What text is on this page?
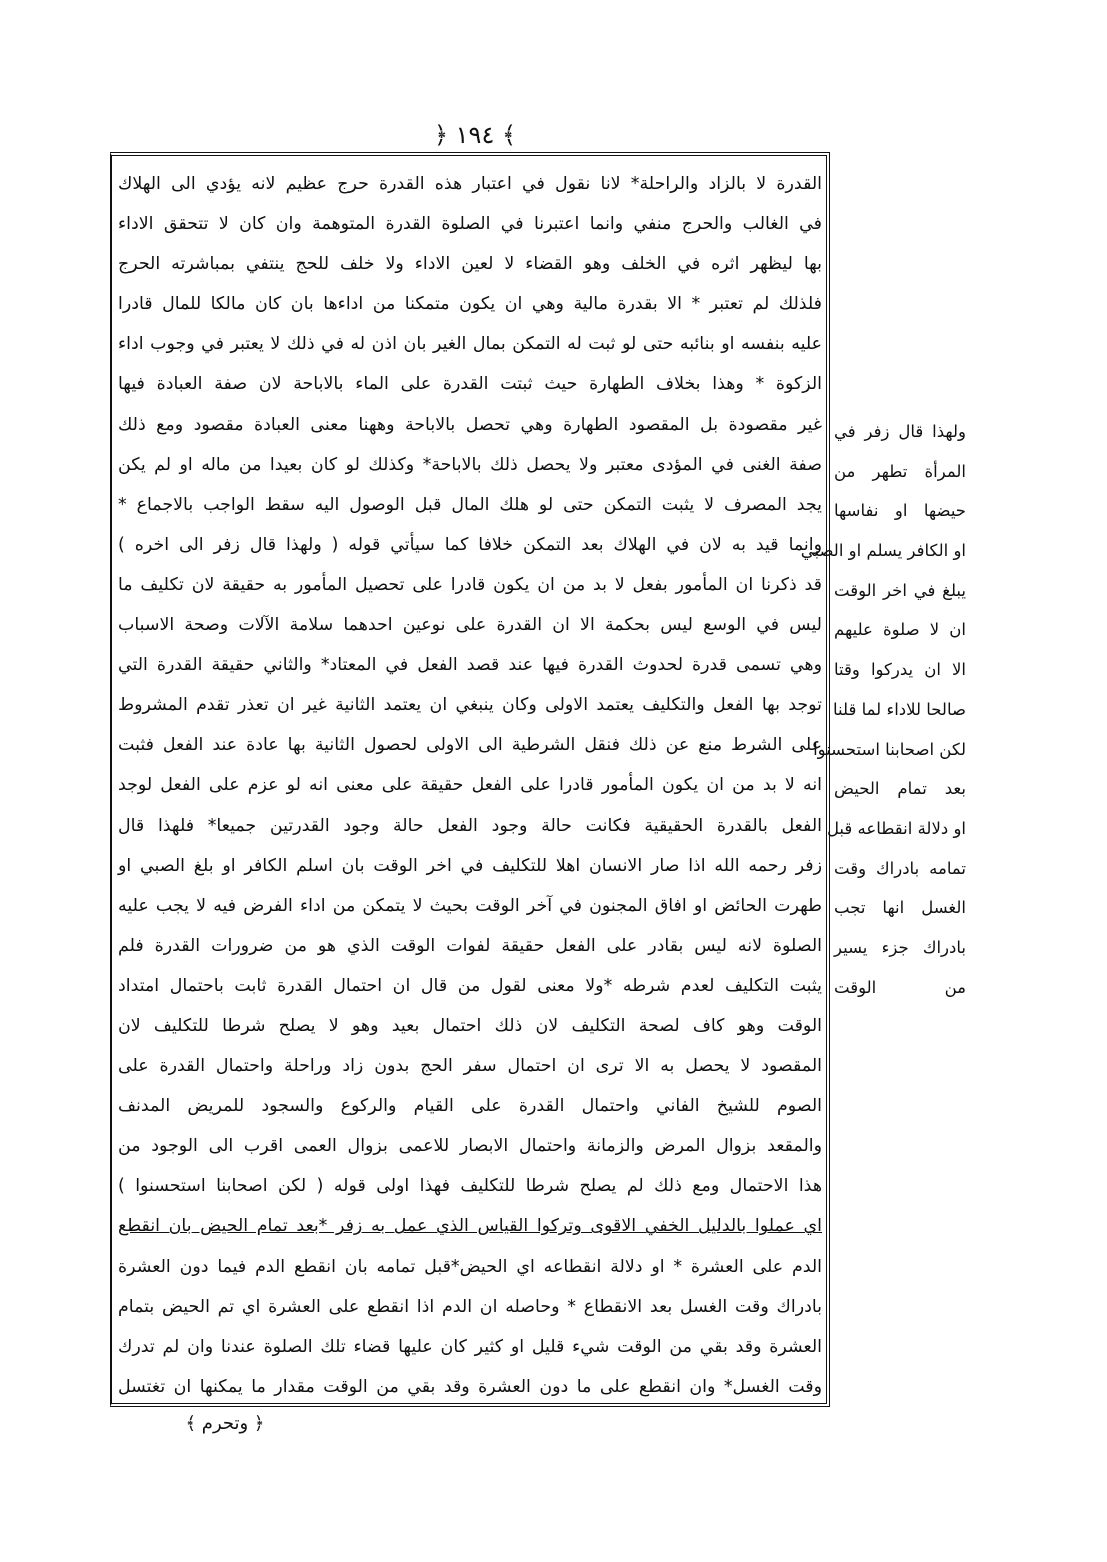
﴿ ١٩٤ ﴾
القدرة لا بالزاد والراحلة* لانا نقول في اعتبار هذه القدرة حرج عظيم لانه يؤدي الى الهلاك
في الغالب والحرج منفي وانما اعتبرنا في الصلوة القدرة المتوهمة وان كان لا تتحقق الاداء
بها ليظهر اثره في الخلف وهو القضاء لا لعين الاداء ولا خلف للحج ينتفي بمباشرته الحرج
فلذلك لم تعتبر * الا بقدرة مالية وهي ان يكون متمكنا من اداءها بان كان مالكا للمال قادرا
عليه بنفسه او بنائبه حتى لو ثبت له التمكن بمال الغير بان اذن له في ذلك لا يعتبر في وجوب اداء
الزكوة * وهذا بخلاف الطهارة حيث ثبتت القدرة على الماء بالاباحة لان صفة العبادة فيها
غير مقصودة بل المقصود الطهارة وهي تحصل بالاباحة وههنا معنى العبادة مقصود ومع ذلك
صفة الغنى في المؤدى معتبر ولا يحصل ذلك بالاباحة* وكذلك لو كان بعيدا من ماله او لم يكن
يجد المصرف لا يثبت التمكن حتى لو هلك المال قبل الوصول اليه سقط الواجب بالاجماع *
وانما قيد به لان في الهلاك بعد التمكن خلافا كما سيأتي قوله ( ولهذا قال زفر الى اخره )
قد ذكرنا ان المأمور بفعل لا بد من ان يكون قادرا على تحصيل المأمور به حقيقة لان تكليف ما
ليس في الوسع ليس بحكمة الا ان القدرة على نوعين احدهما سلامة الآلات وصحة الاسباب
وهي تسمى قدرة لحدوث القدرة فيها عند قصد الفعل في المعتاد* والثاني حقيقة القدرة التي
توجد بها الفعل والتكليف يعتمد الاولى وكان ينبغي ان يعتمد الثانية غير ان تعذر تقدم المشروط
على الشرط منع عن ذلك فنقل الشرطية الى الاولى لحصول الثانية بها عادة عند الفعل فثبت
انه لا بد من ان يكون المأمور قادرا على الفعل حقيقة على معنى انه لو عزم على الفعل لوجد
الفعل بالقدرة الحقيقية فكانت حالة وجود الفعل حالة وجود القدرتين جميعا* فلهذا قال
زفر رحمه الله اذا صار الانسان اهلا للتكليف في اخر الوقت بان اسلم الكافر او بلغ الصبي او
طهرت الحائض او افاق المجنون في آخر الوقت بحيث لا يتمكن من اداء الفرض فيه لا يجب عليه
الصلوة لانه ليس بقادر على الفعل حقيقة لفوات الوقت الذي هو من ضرورات القدرة فلم
يثبت التكليف لعدم شرطه *ولا معنى لقول من قال ان احتمال القدرة ثابت باحتمال امتداد
الوقت وهو كاف لصحة التكليف لان ذلك احتمال بعيد وهو لا يصلح شرطا للتكليف لان
المقصود لا يحصل به الا ترى ان احتمال سفر الحج بدون زاد وراحلة واحتمال القدرة على
الصوم للشيخ الفاني واحتمال القدرة على القيام والركوع والسجود للمريض المدنف
والمقعد بزوال المرض والزمانة واحتمال الابصار للاعمى بزوال العمى اقرب الى الوجود من
هذا الاحتمال ومع ذلك لم يصلح شرطا للتكليف فهذا اولى قوله ( لكن اصحابنا استحسنوا )
اي عملوا بالدليل الخفي الاقوى وتركوا القياس الذي عمل به زفر *بعد تمام الحيض بان انقطع
الدم على العشرة * او دلالة انقطاعه اي الحيض*قبل تمامه بان انقطع الدم فيما دون العشرة
بادراك وقت الغسل بعد الانقطاع * وحاصله ان الدم اذا انقطع على العشرة اي تم الحيض بتمام
العشرة وقد بقي من الوقت شيء قليل او كثير كان عليها قضاء تلك الصلوة عندنا وان لم تدرك
وقت الغسل* وان انقطع على ما دون العشرة وقد بقي من الوقت مقدار ما يمكنها ان تغتسل
ولهذا قال زفر في
المرأة تطهر من
حيضها او نفاسها
او الكافر يسلم او الصبي
يبلغ في اخر الوقت
ان لا صلوة عليهم
الا ان يدركوا وقتا
صالحا للاداء لما قلنا
لكن اصحابنا استحسنوا
بعد تمام الحيض
او دلالة انقطاعه قبل
تمامه بادراك وقت
الغسل انها تجب
بادراك جزء يسير
من الوقت
﴿ وتحرم ﴾
